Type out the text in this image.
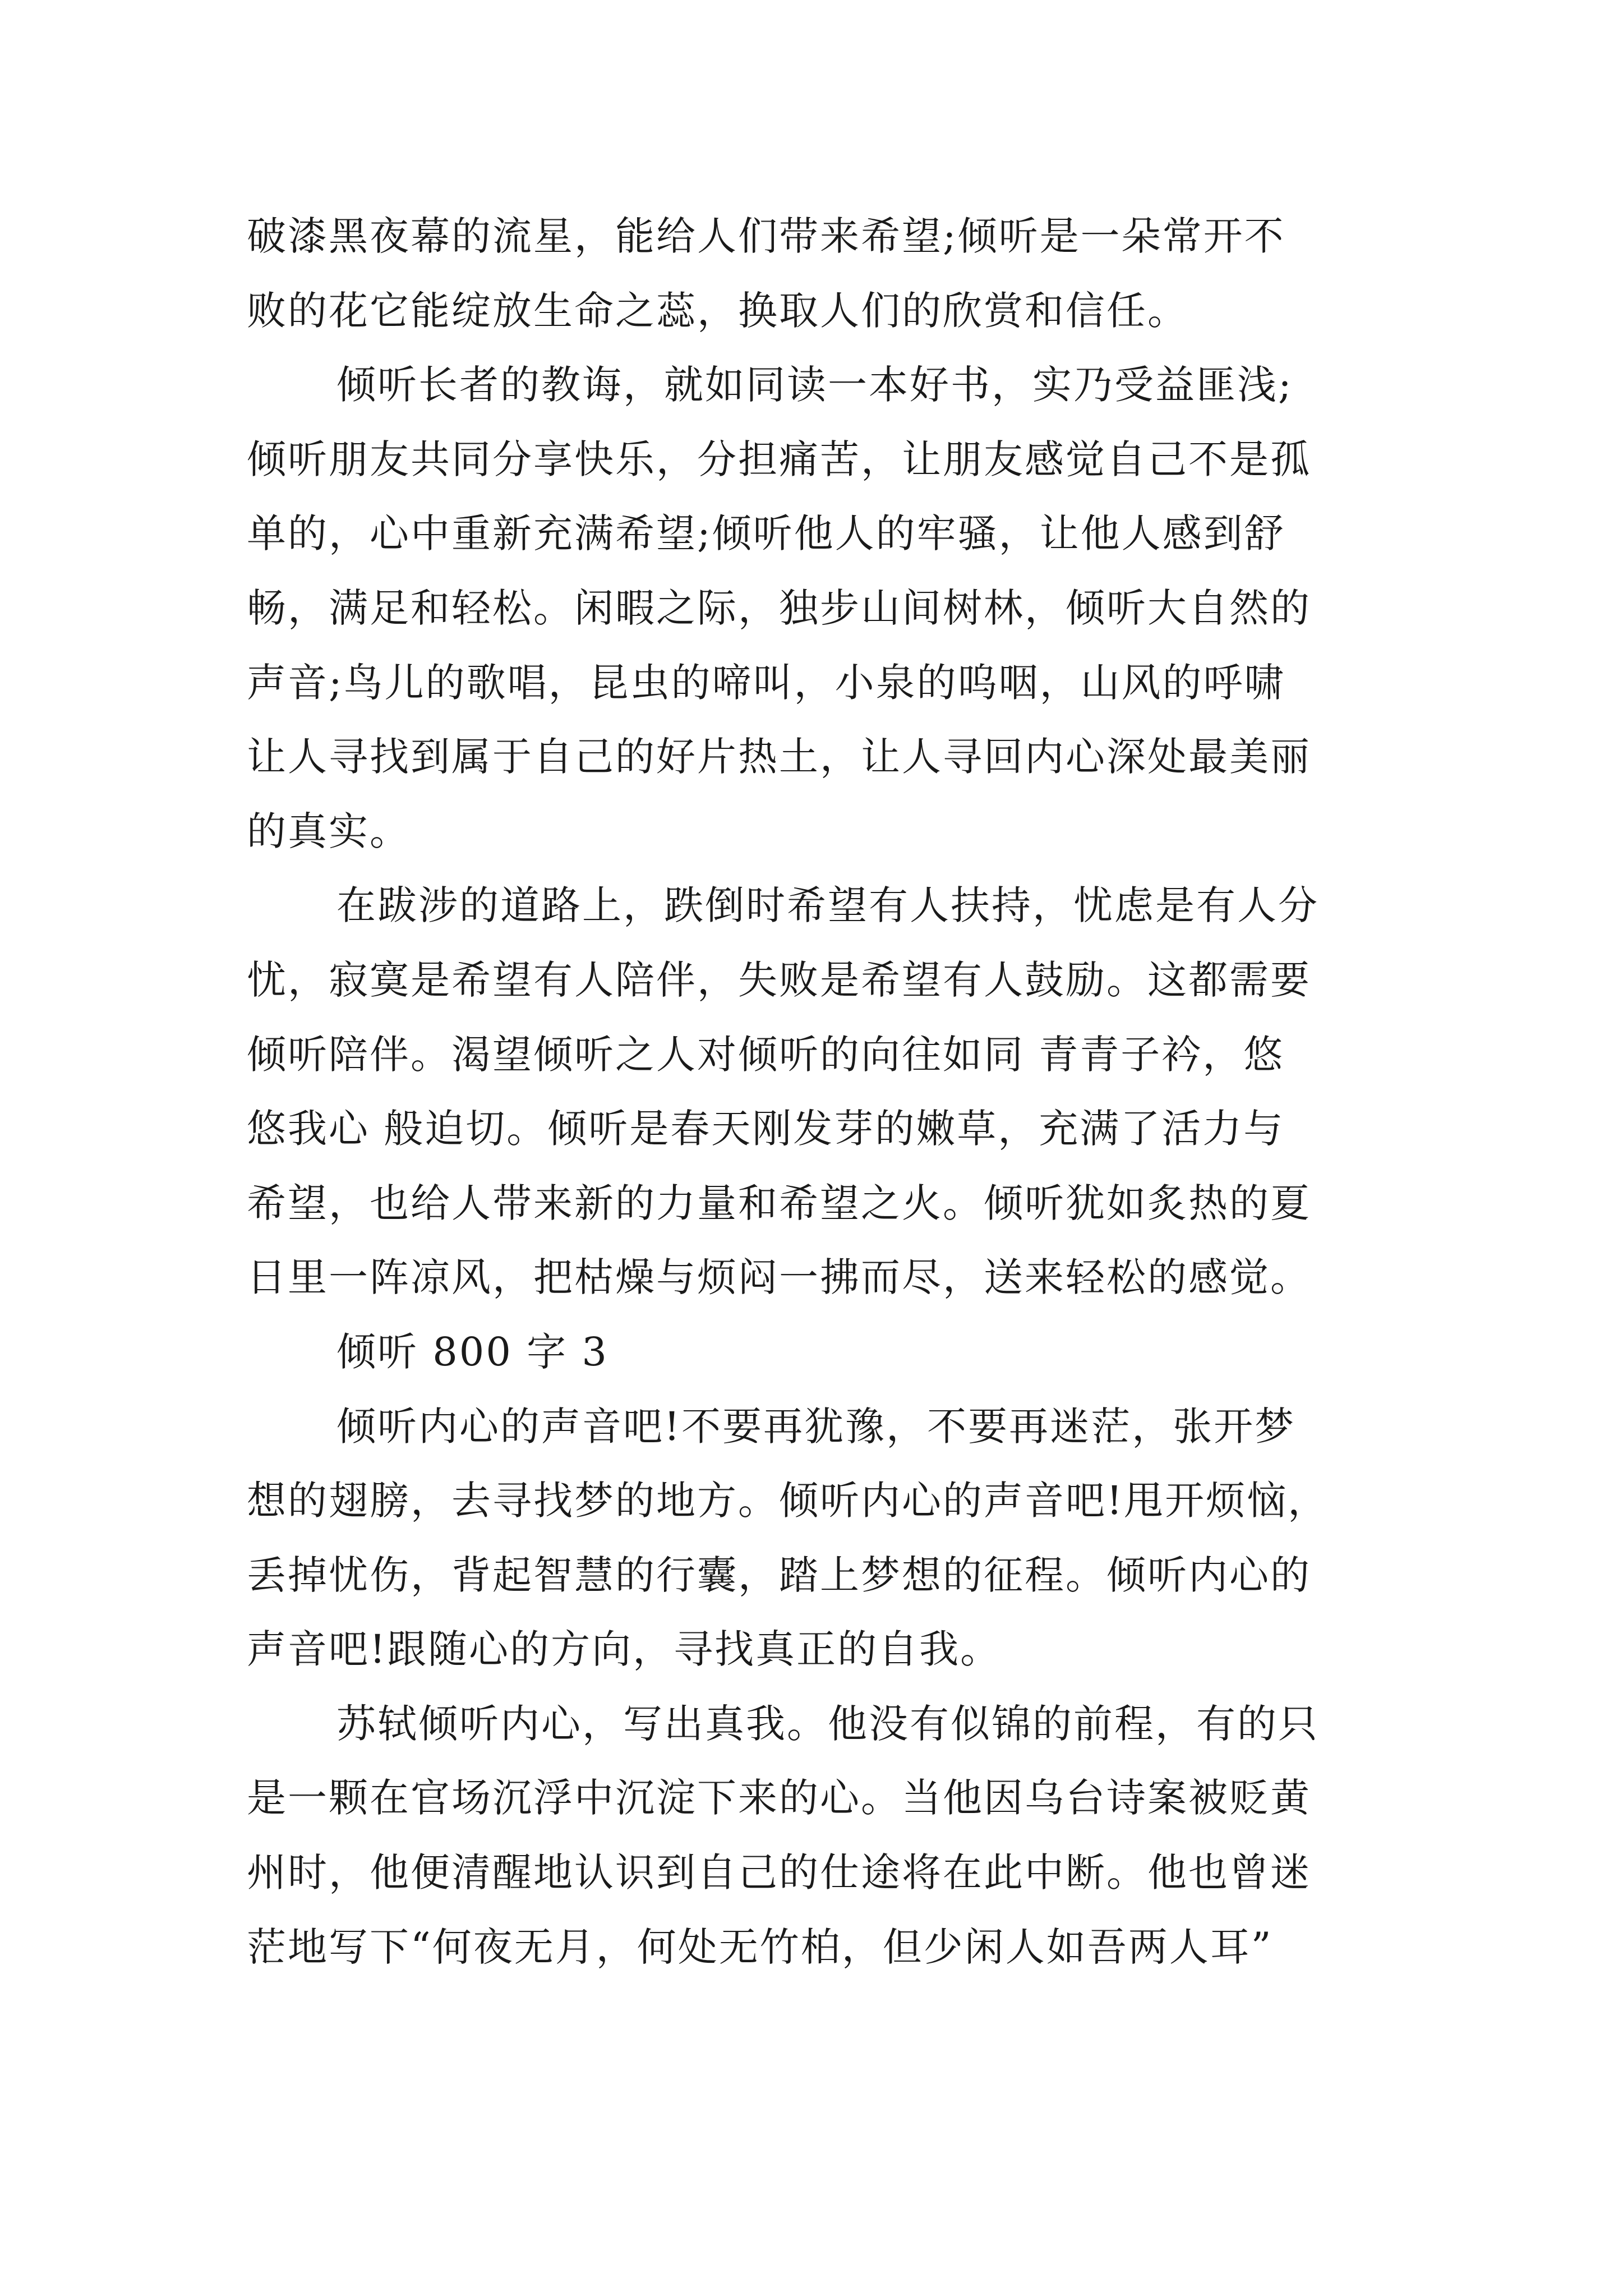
破漆黑夜幕的流星，能给人们带来希望;倾听是一朵常开不
败的花它能绽放生命之蕊，换取人们的欣赏和信任。
倾听长者的教诲，就如同读一本好书，实乃受益匪浅;
倾听朋友共同分享快乐，分担痛苦，让朋友感觉自己不是孤
单的，心中重新充满希望;倾听他人的牢骚，让他人感到舒
畅，满足和轻松。闲暇之际，独步山间树林，倾听大自然的
声音;鸟儿的歌唱，昆虫的啼叫，小泉的呜咽，山风的呼啸
让人寻找到属于自己的好片热土，让人寻回内心深处最美丽
的真实。
在跋涉的道路上，跌倒时希望有人扶持，忧虑是有人分
忧，寂寞是希望有人陪伴，失败是希望有人鼓励。这都需要
倾听陪伴。渴望倾听之人对倾听的向往如同 青青子衿，悠
悠我心 般迫切。倾听是春天刚发芽的嫩草，充满了活力与
希望，也给人带来新的力量和希望之火。倾听犹如炙热的夏
日里一阵凉风，把枯燥与烦闷一拂而尽，送来轻松的感觉。
倾听 800 字 3
倾听内心的声音吧!不要再犹豫，不要再迷茫，张开梦
想的翅膀，去寻找梦的地方。倾听内心的声音吧!甩开烦恼，
丢掉忧伤，背起智慧的行囊，踏上梦想的征程。倾听内心的
声音吧!跟随心的方向，寻找真正的自我。
苏轼倾听内心，写出真我。他没有似锦的前程，有的只
是一颗在官场沉浮中沉淀下来的心。当他因乌台诗案被贬黄
州时，他便清醒地认识到自己的仕途将在此中断。他也曾迷
茫地写下“何夜无月，何处无竹柏，但少闲人如吾两人耳”
